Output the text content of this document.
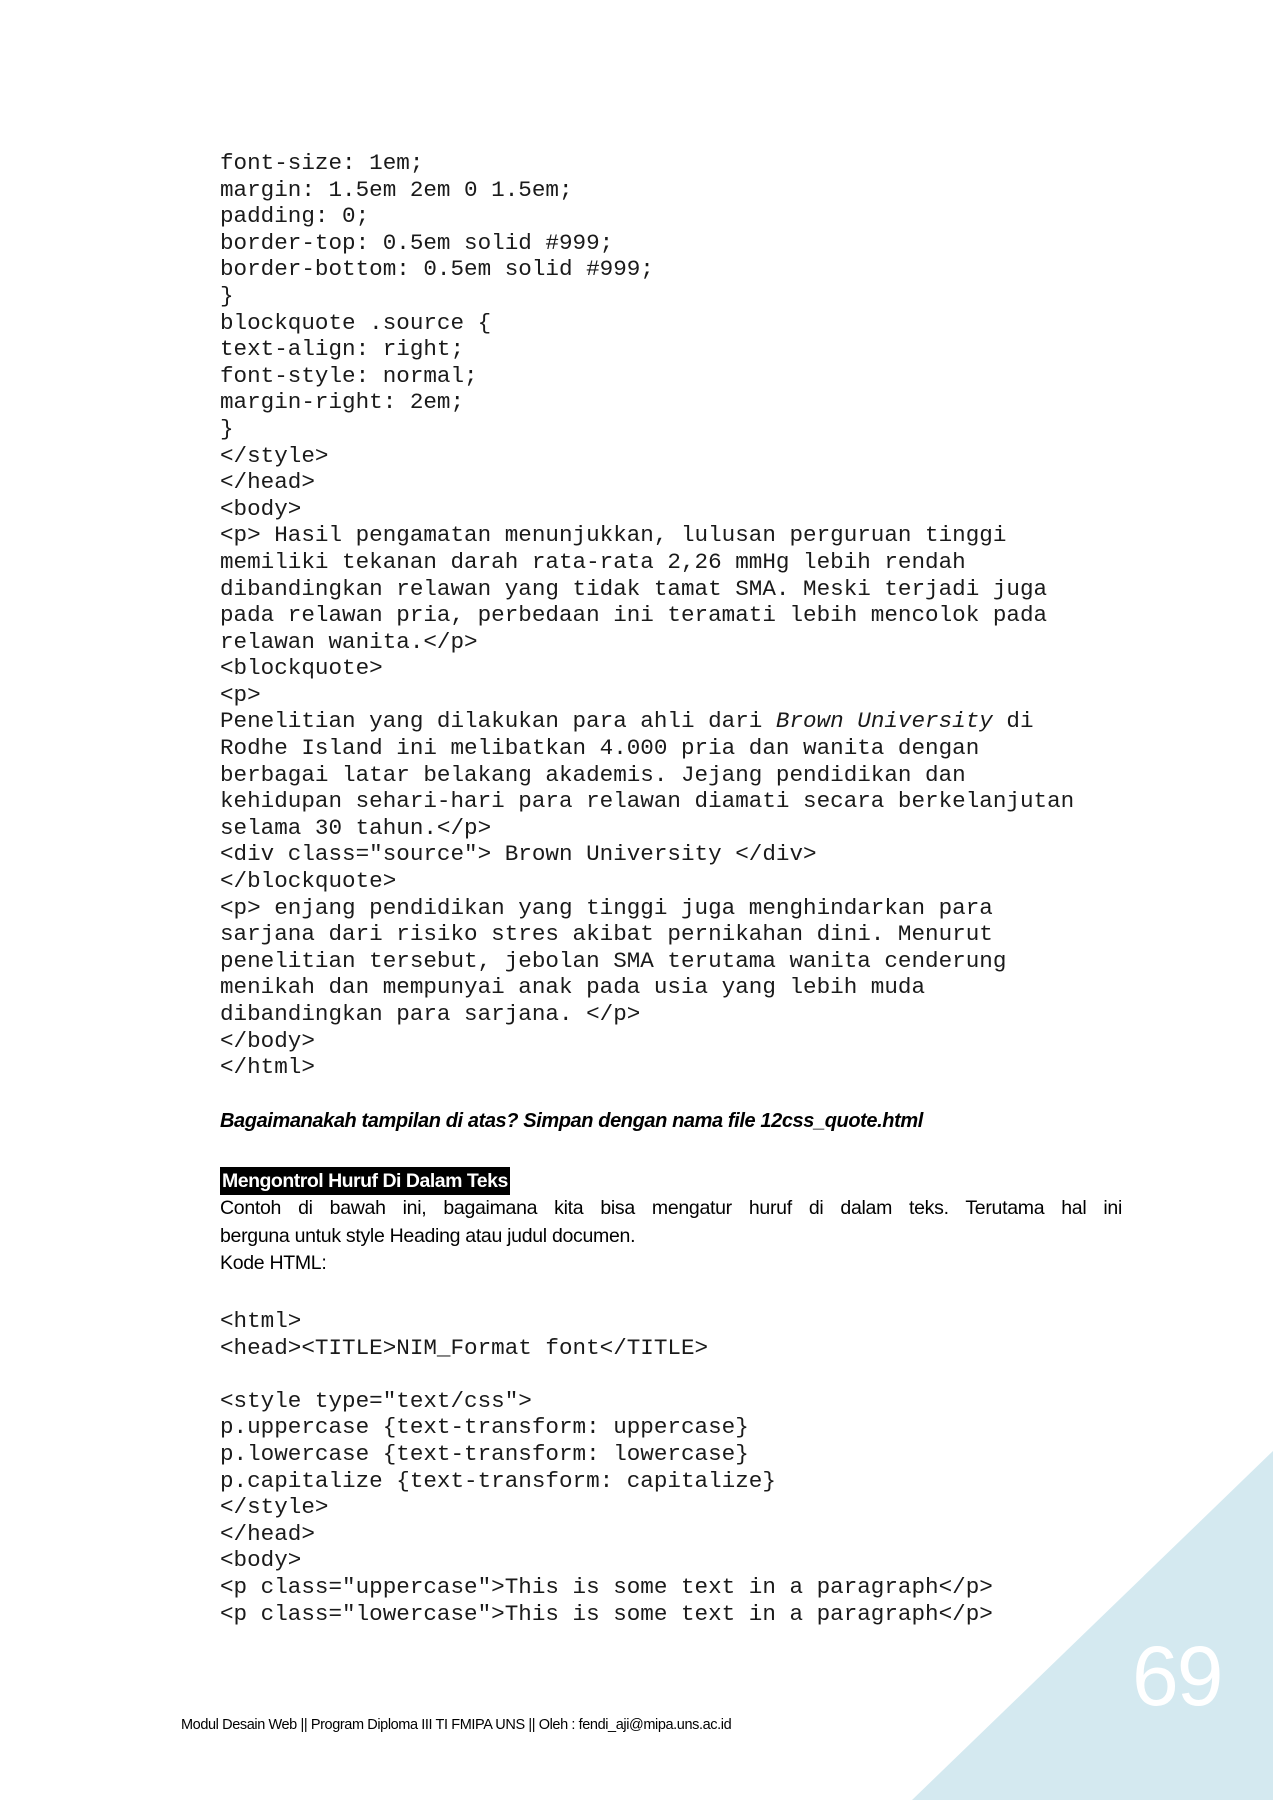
font-size: 1em;
margin: 1.5em 2em 0 1.5em;
padding: 0;
border-top: 0.5em solid #999;
border-bottom: 0.5em solid #999;
}
blockquote .source {
text-align: right;
font-style: normal;
margin-right: 2em;
}
</style>
</head>
<body>
<p> Hasil pengamatan menunjukkan, lulusan perguruan tinggi
memiliki tekanan darah rata-rata 2,26 mmHg lebih rendah
dibandingkan relawan yang tidak tamat SMA. Meski terjadi juga
pada relawan pria, perbedaan ini teramati lebih mencolok pada
relawan wanita.</p>
<blockquote>
<p>
Penelitian yang dilakukan para ahli dari Brown University di
Rodhe Island ini melibatkan 4.000 pria dan wanita dengan
berbagai latar belakang akademis. Jejang pendidikan dan
kehidupan sehari-hari para relawan diamati secara berkelanjutan
selama 30 tahun.</p>
<div class="source"> Brown University </div>
</blockquote>
<p> enjang pendidikan yang tinggi juga menghindarkan para
sarjana dari risiko stres akibat pernikahan dini. Menurut
penelitian tersebut, jebolan SMA terutama wanita cenderung
menikah dan mempunyai anak pada usia yang lebih muda
dibandingkan para sarjana. </p>
</body>
</html>
Bagaimanakah tampilan di atas? Simpan dengan nama file 12css_quote.html
Mengontrol Huruf Di Dalam Teks
Contoh di bawah ini, bagaimana kita bisa mengatur huruf di dalam teks. Terutama hal ini
berguna untuk style Heading atau judul documen.
Kode HTML:
<html>
<head><TITLE>NIM_Format font</TITLE>
<style type="text/css">
p.uppercase {text-transform: uppercase}
p.lowercase {text-transform: lowercase}
p.capitalize {text-transform: capitalize}
</style>
</head>
<body>
<p class="uppercase">This is some text in a paragraph</p>
<p class="lowercase">This is some text in a paragraph</p>
69
Modul Desain Web || Program Diploma III TI FMIPA UNS || Oleh : fendi_aji@mipa.uns.ac.id
